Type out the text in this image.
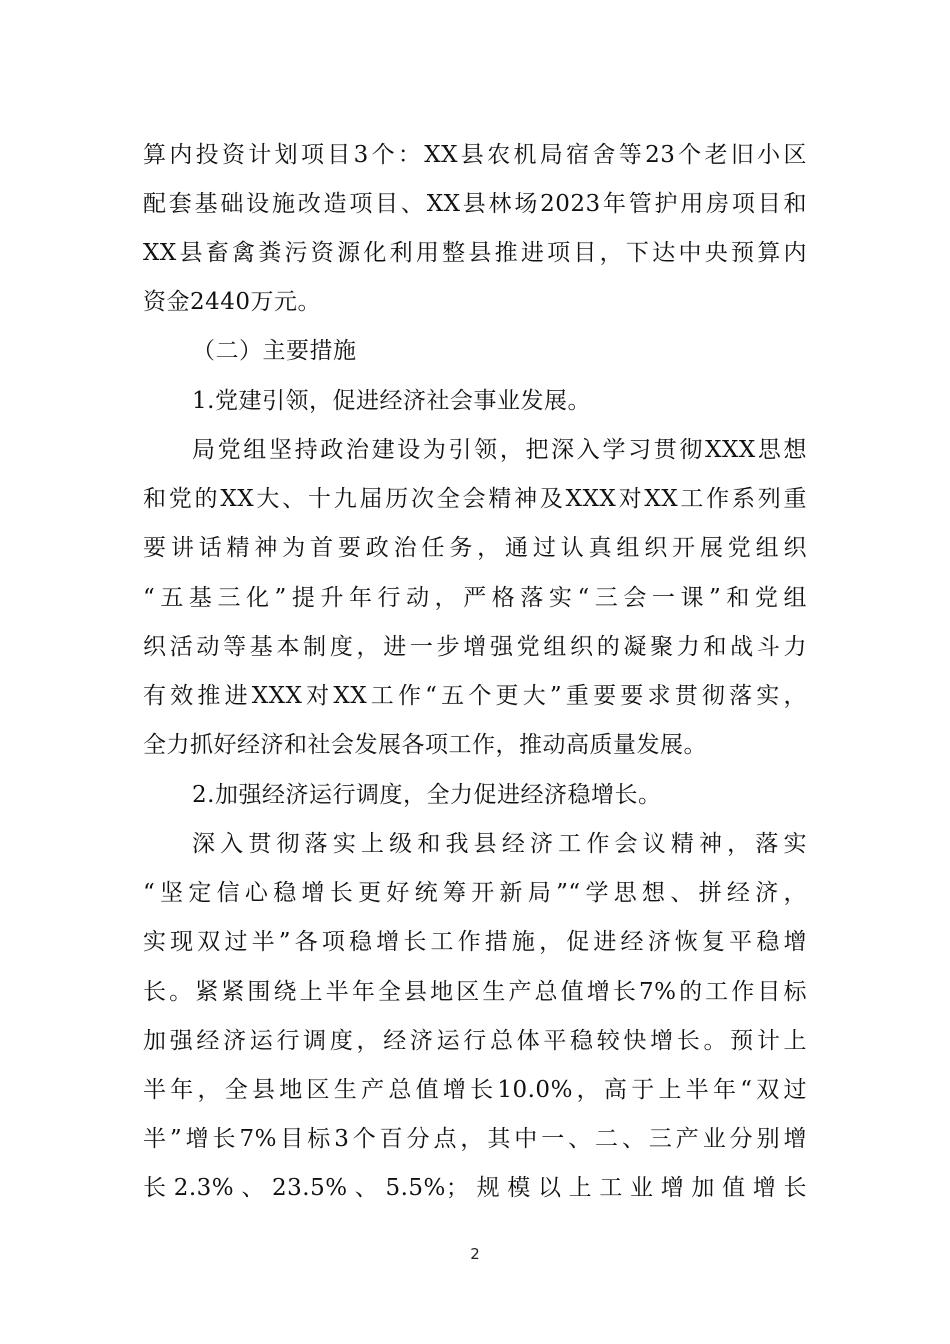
算内投资计划项目3个：XX县农机局宿舍等23个老旧小区
配套基础设施改造项目、XX县林场2023年管护用房项目和
XX县畜禽粪污资源化利用整县推进项目，下达中央预算内
资金2440万元。
（二）主要措施
1.党建引领，促进经济社会事业发展。
局党组坚持政治建设为引领，把深入学习贯彻XXX思想
和党的XX大、十九届历次全会精神及XXX对XX工作系列重
要讲话精神为首要政治任务，通过认真组织开展党组织
“五基三化”提升年行动，严格落实“三会一课”和党组
织活动等基本制度，进一步增强党组织的凝聚力和战斗力
有效推进XXX对XX工作“五个更大”重要要求贯彻落实，
全力抓好经济和社会发展各项工作，推动高质量发展。
2.加强经济运行调度，全力促进经济稳增长。
深入贯彻落实上级和我县经济工作会议精神，落实
“坚定信心稳增长更好统筹开新局”“学思想、拼经济，
实现双过半”各项稳增长工作措施，促进经济恢复平稳增
长。紧紧围绕上半年全县地区生产总值增长7%的工作目标
加强经济运行调度，经济运行总体平稳较快增长。预计上
半年，全县地区生产总值增长10.0%，高于上半年“双过
半”增长7%目标3个百分点，其中一、二、三产业分别增
长2.3%、23.5%、5.5%；规模以上工业增加值增长
2
